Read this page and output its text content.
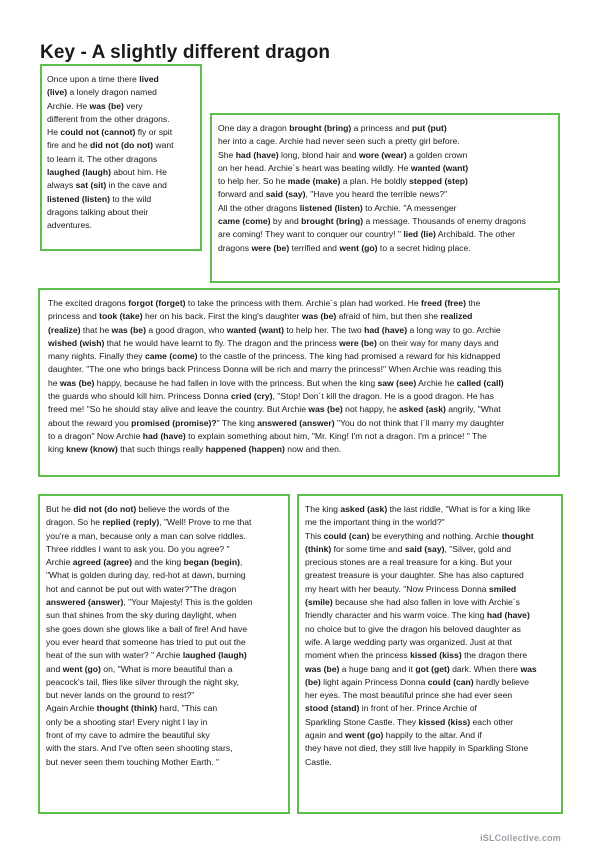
Key - A slightly different dragon

Once upon a time there lived

(live) a lonely dragon named

Archie. He was (be) very

different from the other dragons.

He could not (cannot) fly or spit

fire and he did not (do not) want

to learn it. The other dragons

laughed (laugh) about him. He

always sat (sit) in the cave and

listened (listen) to the wild

dragons talking about their

adventures.

One day a dragon brought (bring) a princess and put (put)

her into a cage. Archie had never seen such a pretty girl before.

She had (have) long, blond hair and wore (wear) a golden crown

on her head. Archie´s heart was beating wildly. He wanted (want)

to help her. So he made (make) a plan. He boldly stepped (step)

forward and said (say), "Have you heard the terrible news?"

All the other dragons listened (listen) to Archie. "A messenger

came (come) by and brought (bring) a message. Thousands of enemy dragons

are coming! They want to conquer our country! " lied (lie) Archibald. The other

dragons were (be) terrified and went (go) to a secret hiding place.

The excited dragons forgot (forget) to take the princess with them. Archie´s plan had worked. He freed (free) the

princess and took (take) her on his back. First the king's daughter was (be) afraid of him, but then she realized

(realize) that he was (be) a good dragon, who wanted (want) to help her. The two had (have) a long way to go. Archie

wished (wish) that he would have learnt to fly. The dragon and the princess were (be) on their way for many days and

many nights. Finally they came (come) to the castle of the princess. The king had promised a reward for his kidnapped

daughter. "The one who brings back Princess Donna will be rich and marry the princess!" When Archie was reading this

he was (be) happy, because he had fallen in love with the princess. But when the king saw (see) Archie he called (call)

the guards who should kill him. Princess Donna cried (cry), "Stop! Don´t kill the dragon. He is a good dragon. He has

freed me! "So he should stay alive and leave the country. But Archie was (be) not happy, he asked (ask) angrily, "What

about the reward you promised (promise)?" The king answered (answer) "You do not think that I´ll marry my daughter

to a dragon" Now Archie had (have) to explain something about him, "Mr. King! I'm not a dragon. I'm a prince! " The

king knew (know) that such things really happened (happen) now and then.

But he did not (do not) believe the words of the

dragon. So he replied (reply), "Well! Prove to me that

you're a man, because only a man can solve riddles.

Three riddles I want to ask you. Do you agree? "

Archie agreed (agree) and the king began (begin),

"What is golden during day, red-hot at dawn, burning

hot and cannot be put out with water?"The dragon

answered (answer), "Your Majesty! This is the golden

sun that shines from the sky during daylight, when

she goes down she glows like a ball of fire! And have

you ever heard that someone has tried to put out the

heat of the sun with water? " Archie laughed (laugh)

and went (go) on, "What is more beautiful than a

peacock's tail, flies like silver through the night sky,

but never lands on the ground to rest?"

Again Archie thought (think) hard, "This can

only be a shooting star! Every night I lay in

front of my cave to admire the beautiful sky

with the stars. And I've often seen shooting stars,

but never seen them touching Mother Earth. "

The king asked (ask) the last riddle, "What is for a king like

me the important thing in the world?"

This could (can) be everything and nothing. Archie thought

(think) for some time and said (say), "Silver, gold and

precious stones are a real treasure for a king. But your

greatest treasure is your daughter. She has also captured

my heart with her beauty. "Now Princess Donna smiled

(smile) because she had also fallen in love with Archie´s

friendly character and his warm voice. The king had (have)

no choice but to give the dragon his beloved daughter as

wife. A large wedding party was organized. Just at that

moment when the princess kissed (kiss) the dragon there

was (be) a huge bang and it got (get) dark. When there was

(be) light again Princess Donna could (can) hardly believe

her eyes. The most beautiful prince she had ever seen

stood (stand) in front of her. Prince Archie of

Sparkling Stone Castle. They kissed (kiss) each other

again and went (go) happily to the altar. And if

they have not died, they still live happily in Sparkling Stone

Castle.

iSLCollective.com
